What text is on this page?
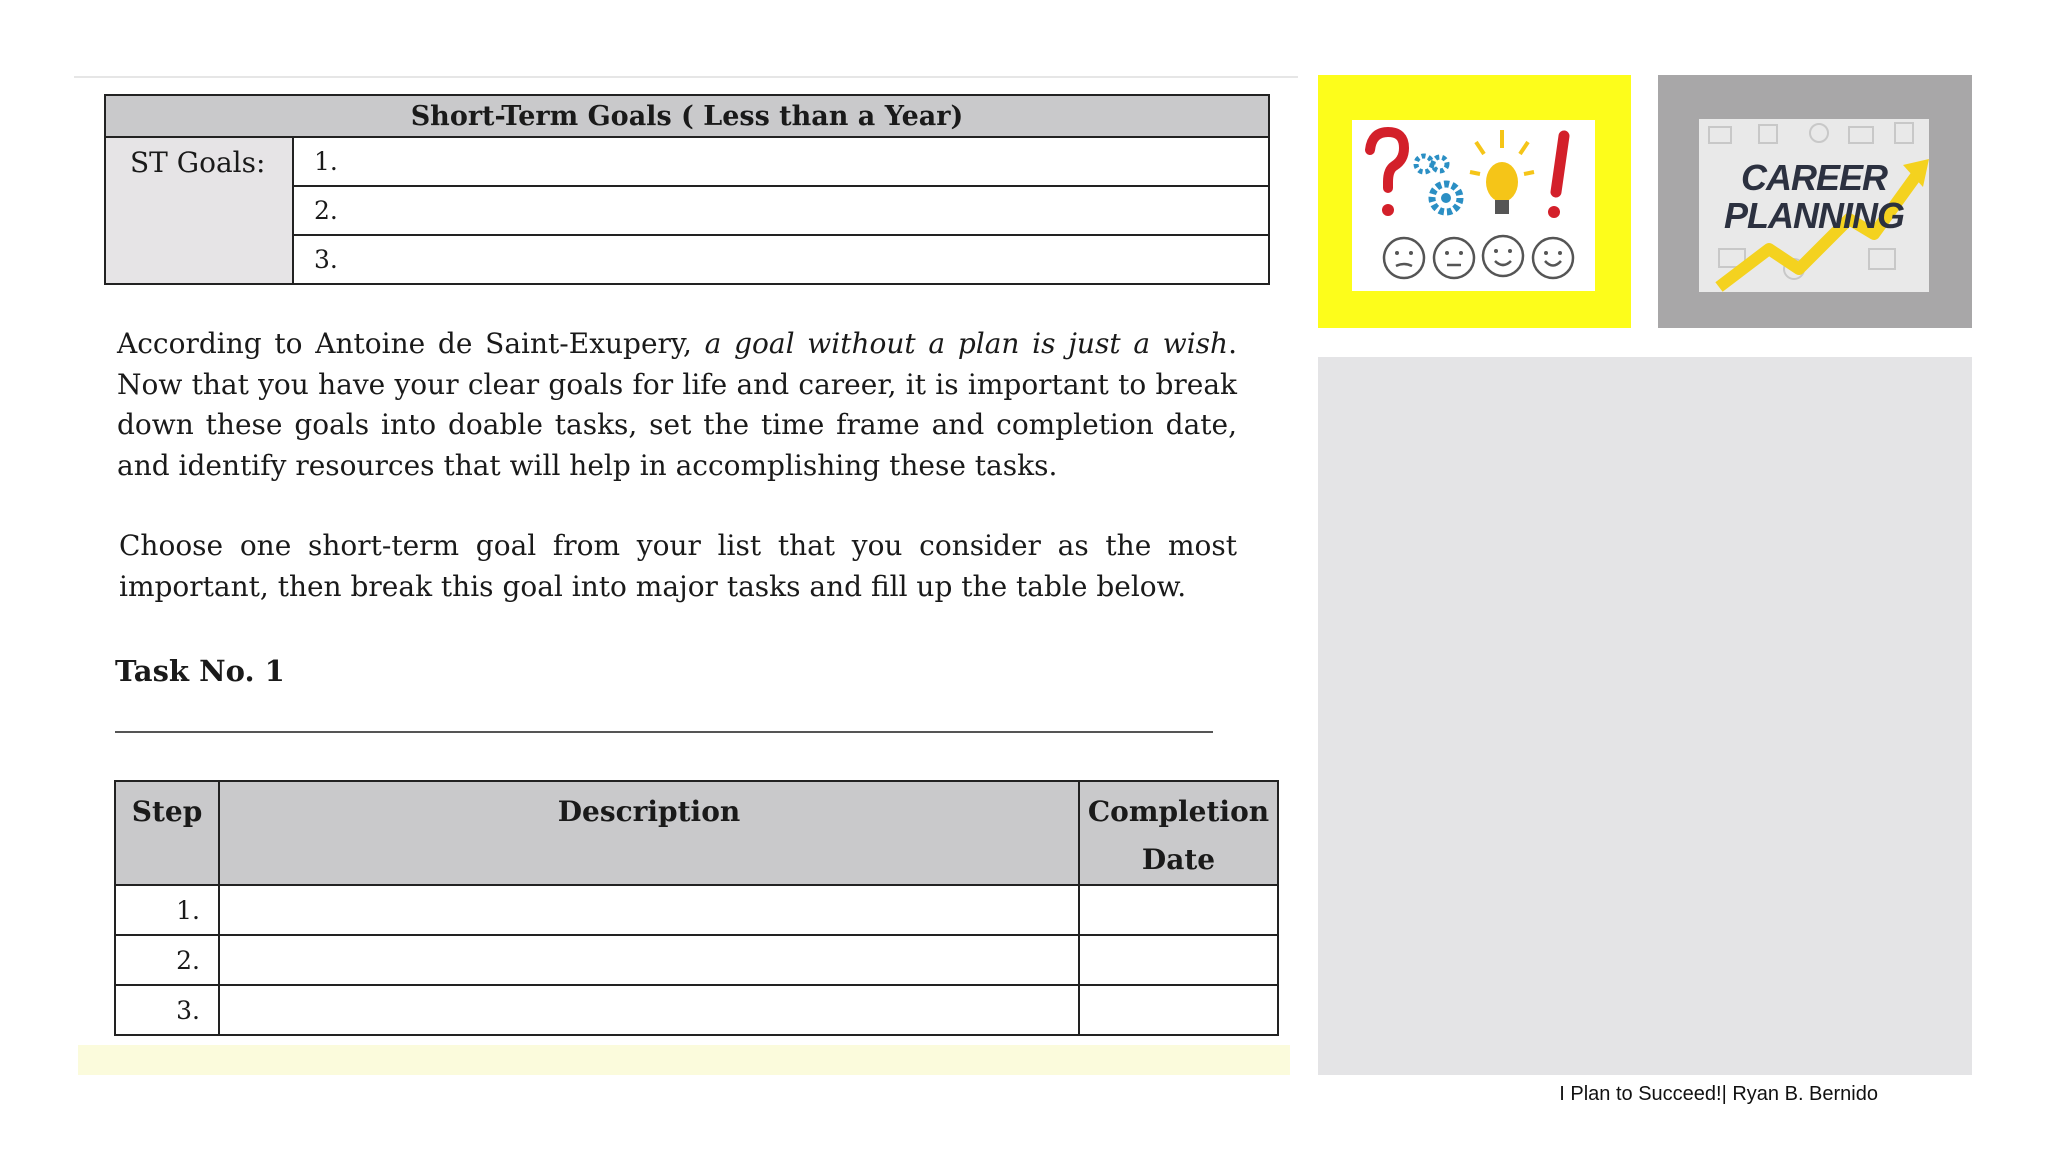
Short-Term Goals ( Less than a Year)
ST Goals:	1.
2.
3.

According to Antoine de Saint-Exupery, a goal without a plan is just a wish. Now that you have your clear goals for life and career, it is important to break down these goals into doable tasks, set the time frame and completion date, and identify resources that will help in accomplishing these tasks.

Choose one short-term goal from your list that you consider as the most important, then break this goal into major tasks and fill up the table below.

Task No. 1
Step	Description	Completion
Date
1.		
2.		
3.		
CAREER
PLANNING
I Plan to Succeed!| Ryan B. Bernido
